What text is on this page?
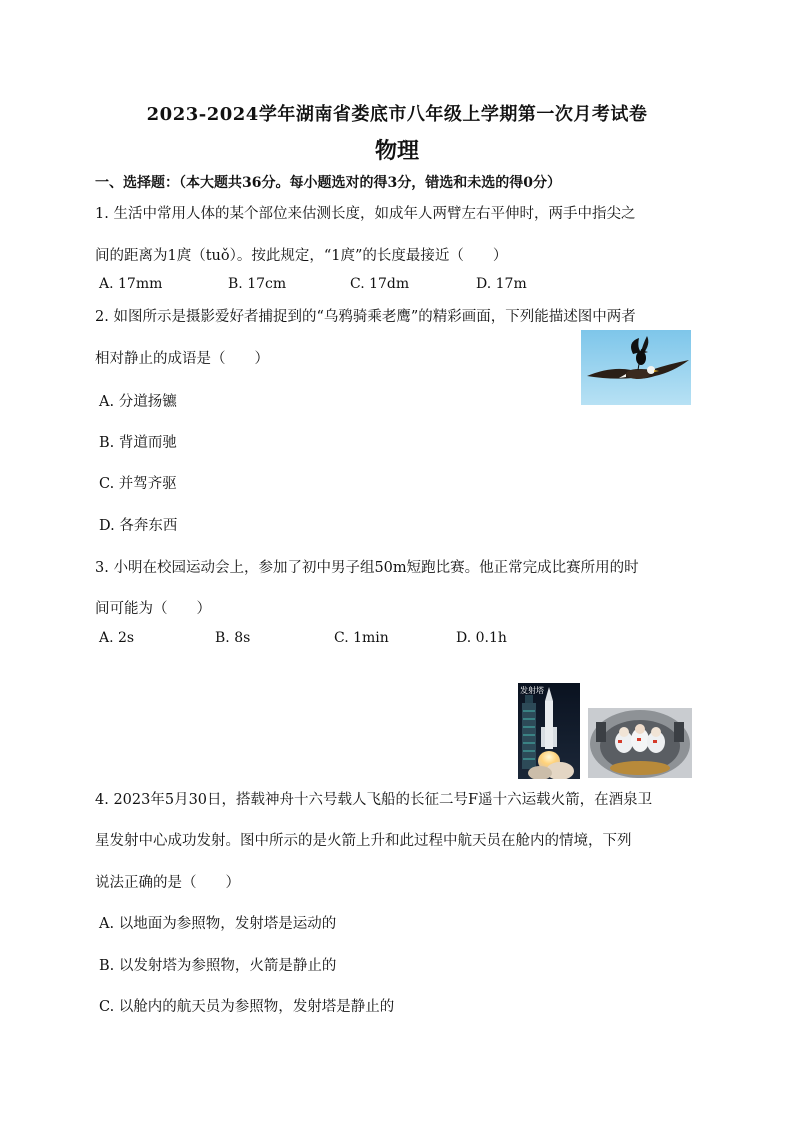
2023-2024学年湖南省娄底市八年级上学期第一次月考试卷
物理
一、选择题：（本大题共36分。每小题选对的得3分，错选和未选的得0分）
1. 生活中常用人体的某个部位来估测长度，如成年人两臂左右平伸时，两手中指尖之
间的距离为1庹（tuǒ）。按此规定，“1庹”的长度最接近（　　）
A. 17mm	B. 17cm	C. 17dm	D. 17m
2. 如图所示是摄影爱好者捕捉到的“乌鸦骑乘老鹰”的精彩画面，下列能描述图中两者
相对静止的成语是（　　）
A. 分道扬镳
B. 背道而驰
C. 并驾齐驱
D. 各奔东西
3. 小明在校园运动会上，参加了初中男子组50m短跑比赛。他正常完成比赛所用的时
间可能为（　　）
A. 2s	B. 8s	C. 1min	D. 0.1h
发射塔
4. 2023年5月30日，搭载神舟十六号载人飞船的长征二号F遥十六运载火箭，在酒泉卫
星发射中心成功发射。图中所示的是火箭上升和此过程中航天员在舱内的情境，下列
说法正确的是（　　）
A. 以地面为参照物，发射塔是运动的
B. 以发射塔为参照物，火箭是静止的
C. 以舱内的航天员为参照物，发射塔是静止的
